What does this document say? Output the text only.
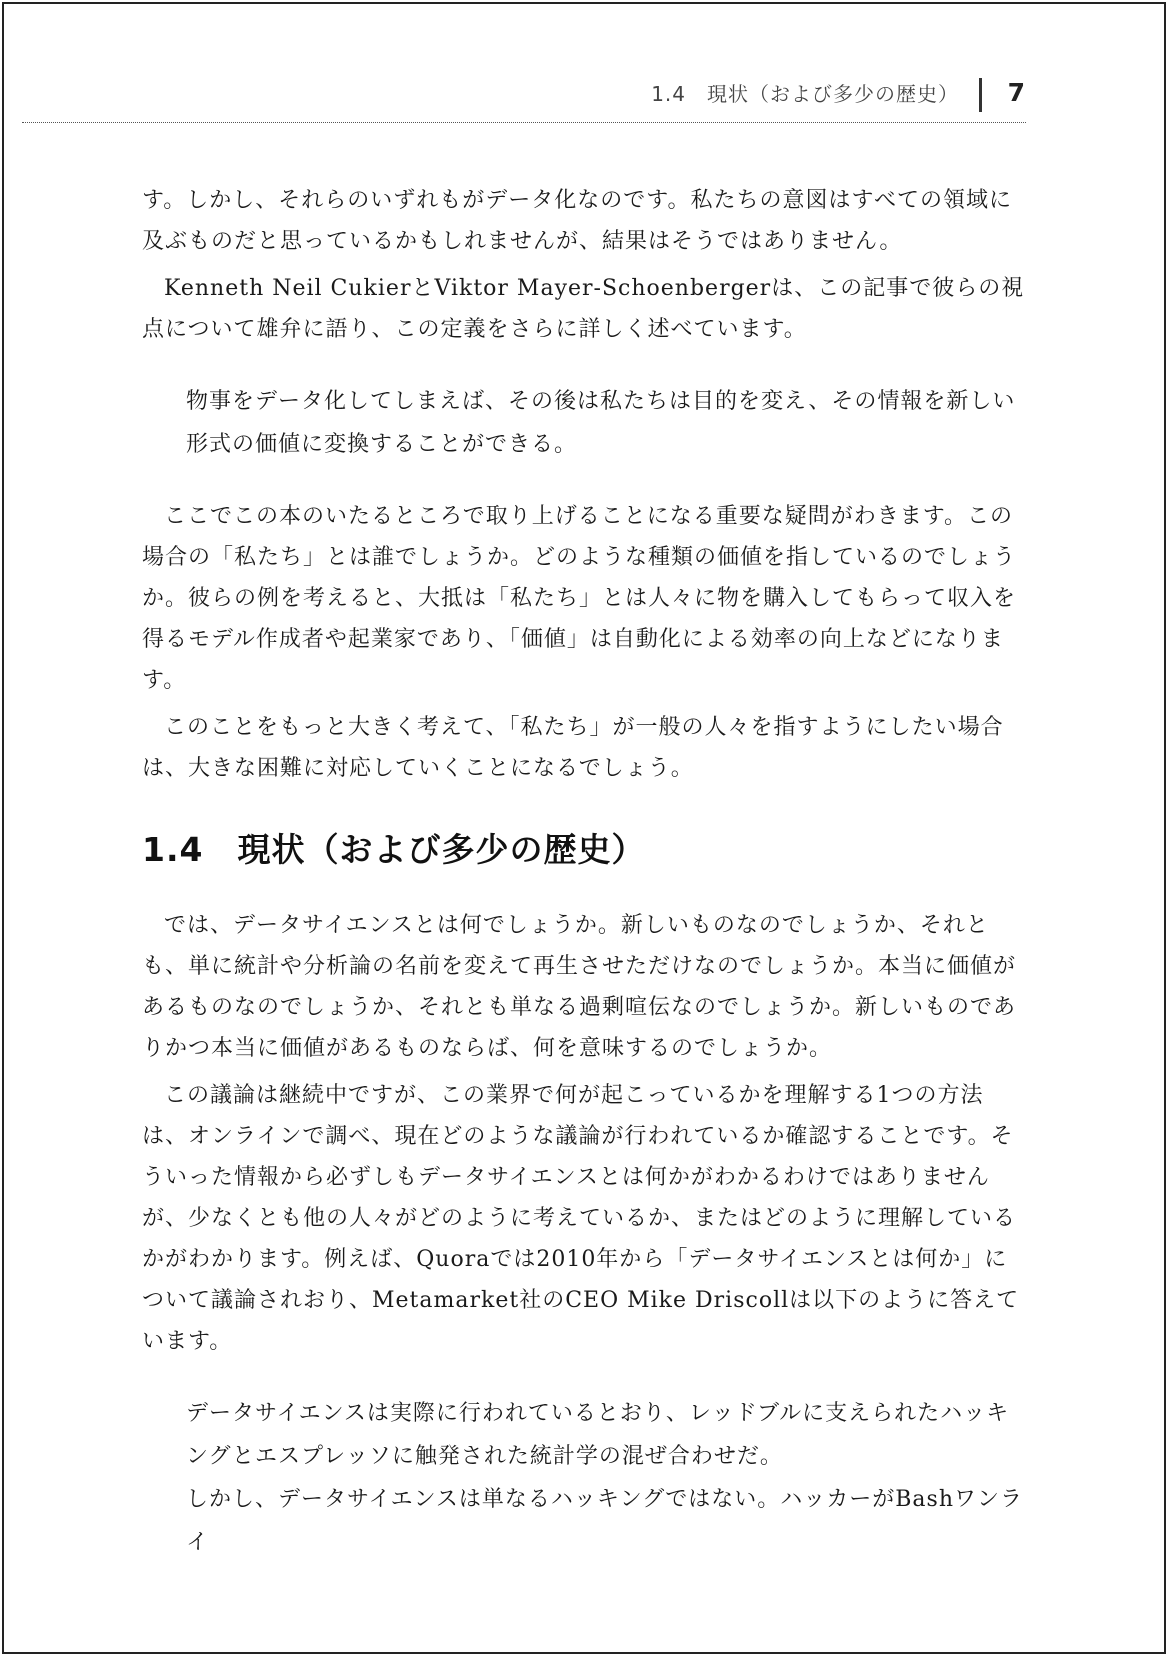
1.4　現状（および多少の歴史） 7

す。しかし、それらのいずれもがデータ化なのです。私たちの意図はすべての領域に及ぶものだと思っているかもしれませんが、結果はそうではありません。

Kenneth Neil CukierとViktor Mayer-Schoenbergerは、この記事で彼らの視点について雄弁に語り、この定義をさらに詳しく述べています。

物事をデータ化してしまえば、その後は私たちは目的を変え、その情報を新しい形式の価値に変換することができる。

ここでこの本のいたるところで取り上げることになる重要な疑問がわきます。この場合の「私たち」とは誰でしょうか。どのような種類の価値を指しているのでしょうか。彼らの例を考えると、大抵は「私たち」とは人々に物を購入してもらって収入を得るモデル作成者や起業家であり、「価値」は自動化による効率の向上などになります。

このことをもっと大きく考えて、「私たち」が一般の人々を指すようにしたい場合は、大きな困難に対応していくことになるでしょう。

1.4 現状（および多少の歴史）

では、データサイエンスとは何でしょうか。新しいものなのでしょうか、それとも、単に統計や分析論の名前を変えて再生させただけなのでしょうか。本当に価値があるものなのでしょうか、それとも単なる過剰喧伝なのでしょうか。新しいものでありかつ本当に価値があるものならば、何を意味するのでしょうか。

この議論は継続中ですが、この業界で何が起こっているかを理解する1つの方法は、オンラインで調べ、現在どのような議論が行われているか確認することです。そういった情報から必ずしもデータサイエンスとは何かがわかるわけではありませんが、少なくとも他の人々がどのように考えているか、またはどのように理解しているかがわかります。例えば、Quoraでは2010年から「データサイエンスとは何か」について議論されおり、Metamarket社のCEO Mike Driscollは以下のように答えています。

データサイエンスは実際に行われているとおり、レッドブルに支えられたハッキングとエスプレッソに触発された統計学の混ぜ合わせだ。

しかし、データサイエンスは単なるハッキングではない。ハッカーがBashワンライ
